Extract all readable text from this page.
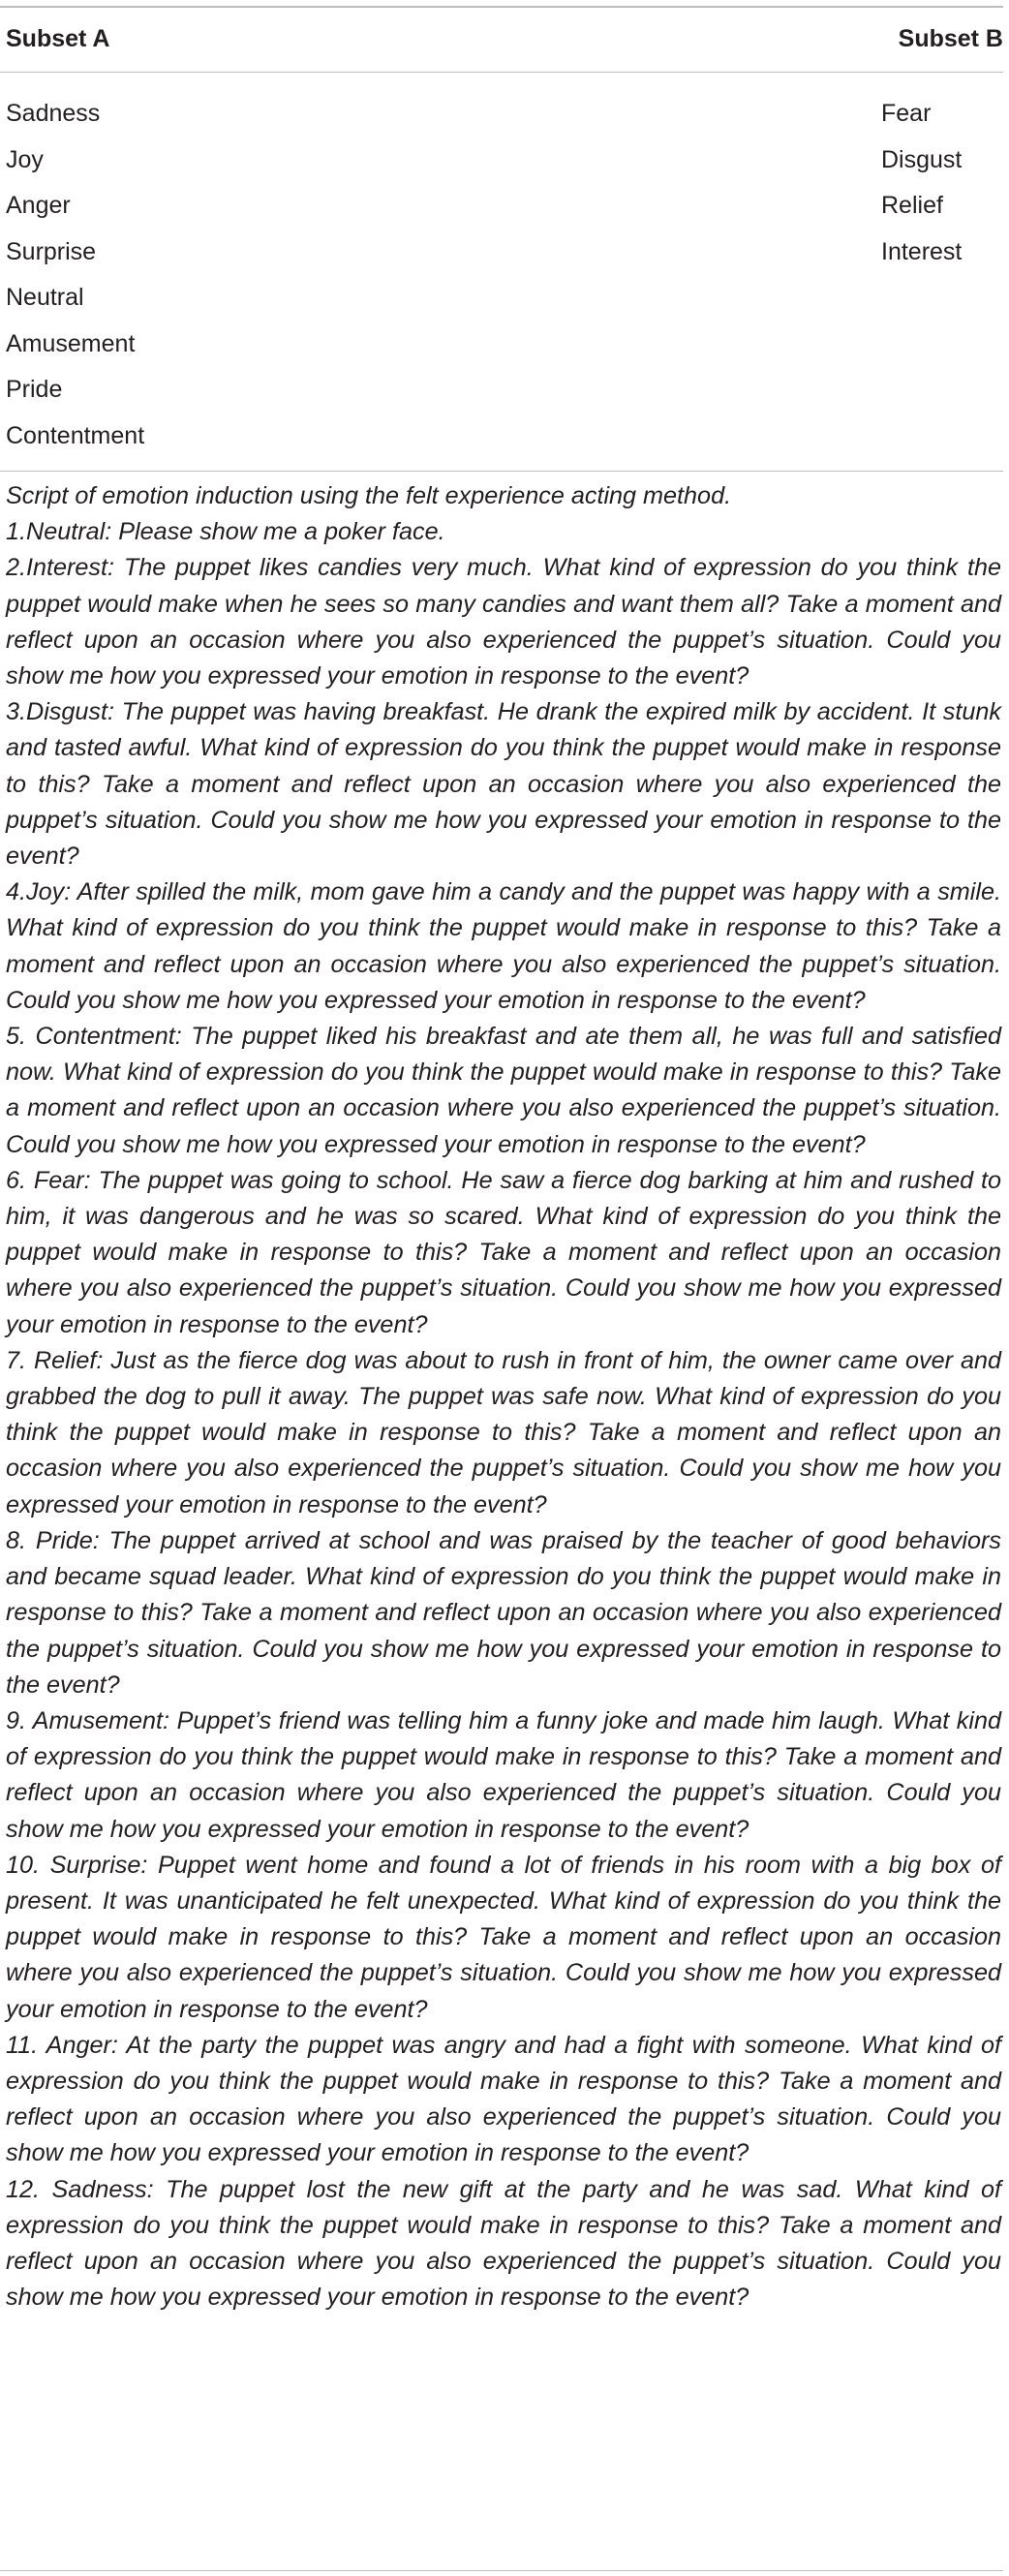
Subset A	Subset B
Sadness
Joy
Anger
Surprise
Neutral
Amusement
Pride
Contentment
Fear
Disgust
Relief
Interest

Script of emotion induction using the felt experience acting method.

1.Neutral: Please show me a poker face.

2.Interest: The puppet likes candies very much. What kind of expression do you think the puppet would make when he sees so many candies and want them all? Take a moment and reflect upon an occasion where you also experienced the puppet’s situation. Could you show me how you expressed your emotion in response to the event?

3.Disgust: The puppet was having breakfast. He drank the expired milk by accident. It stunk and tasted awful. What kind of expression do you think the puppet would make in response to this? Take a moment and reflect upon an occasion where you also experienced the puppet’s situation. Could you show me how you expressed your emotion in response to the event?

4.Joy: After spilled the milk, mom gave him a candy and the puppet was happy with a smile. What kind of expression do you think the puppet would make in response to this? Take a moment and reflect upon an occasion where you also experienced the puppet’s situation. Could you show me how you expressed your emotion in response to the event?

5. Contentment: The puppet liked his breakfast and ate them all, he was full and satisfied now. What kind of expression do you think the puppet would make in response to this? Take a moment and reflect upon an occasion where you also experienced the puppet’s situation. Could you show me how you expressed your emotion in response to the event?

6. Fear: The puppet was going to school. He saw a fierce dog barking at him and rushed to him, it was dangerous and he was so scared. What kind of expression do you think the puppet would make in response to this? Take a moment and reflect upon an occasion where you also experienced the puppet’s situation. Could you show me how you expressed your emotion in response to the event?

7. Relief: Just as the fierce dog was about to rush in front of him, the owner came over and grabbed the dog to pull it away. The puppet was safe now. What kind of expression do you think the puppet would make in response to this? Take a moment and reflect upon an occasion where you also experienced the puppet’s situation. Could you show me how you expressed your emotion in response to the event?

8. Pride: The puppet arrived at school and was praised by the teacher of good behaviors and became squad leader. What kind of expression do you think the puppet would make in response to this? Take a moment and reflect upon an occasion where you also experienced the puppet’s situation. Could you show me how you expressed your emotion in response to the event?

9. Amusement: Puppet’s friend was telling him a funny joke and made him laugh. What kind of expression do you think the puppet would make in response to this? Take a moment and reflect upon an occasion where you also experienced the puppet’s situation. Could you show me how you expressed your emotion in response to the event?

10. Surprise: Puppet went home and found a lot of friends in his room with a big box of present. It was unanticipated he felt unexpected. What kind of expression do you think the puppet would make in response to this? Take a moment and reflect upon an occasion where you also experienced the puppet’s situation. Could you show me how you expressed your emotion in response to the event?

11. Anger: At the party the puppet was angry and had a fight with someone. What kind of expression do you think the puppet would make in response to this? Take a moment and reflect upon an occasion where you also experienced the puppet’s situation. Could you show me how you expressed your emotion in response to the event?

12. Sadness: The puppet lost the new gift at the party and he was sad. What kind of expression do you think the puppet would make in response to this? Take a moment and reflect upon an occasion where you also experienced the puppet’s situation. Could you show me how you expressed your emotion in response to the event?
